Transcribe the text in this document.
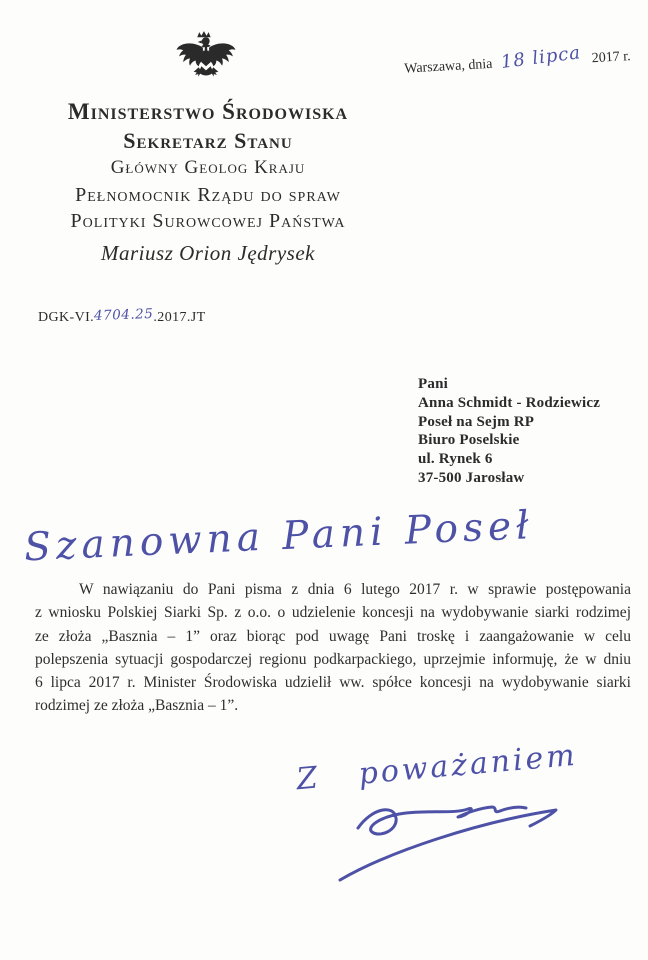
Warszawa, dnia 18 lipca 2017 r.
Ministerstwo Środowiska
Sekretarz Stanu
Główny Geolog Kraju
Pełnomocnik Rządu do spraw
Polityki Surowcowej Państwa
Mariusz Orion Jędrysek
DGK-VI.4704.25.2017.JT
Pani
Anna Schmidt - Rodziewicz
Poseł na Sejm RP
Biuro Poselskie
ul. Rynek 6
37-500 Jarosław
Szanowna Pani Poseł
W nawiązaniu do Pani pisma z dnia 6 lutego 2017 r. w sprawie postępowania
z wniosku Polskiej Siarki Sp. z o.o. o udzielenie koncesji na wydobywanie siarki rodzimej
ze złoża „Basznia – 1” oraz biorąc pod uwagę Pani troskę i zaangażowanie w celu
polepszenia sytuacji gospodarczej regionu podkarpackiego, uprzejmie informuję, że w dniu
6 lipca 2017 r. Minister Środowiska udzielił ww. spółce koncesji na wydobywanie siarki
rodzimej ze złoża „Basznia – 1”.
Z poważaniem
